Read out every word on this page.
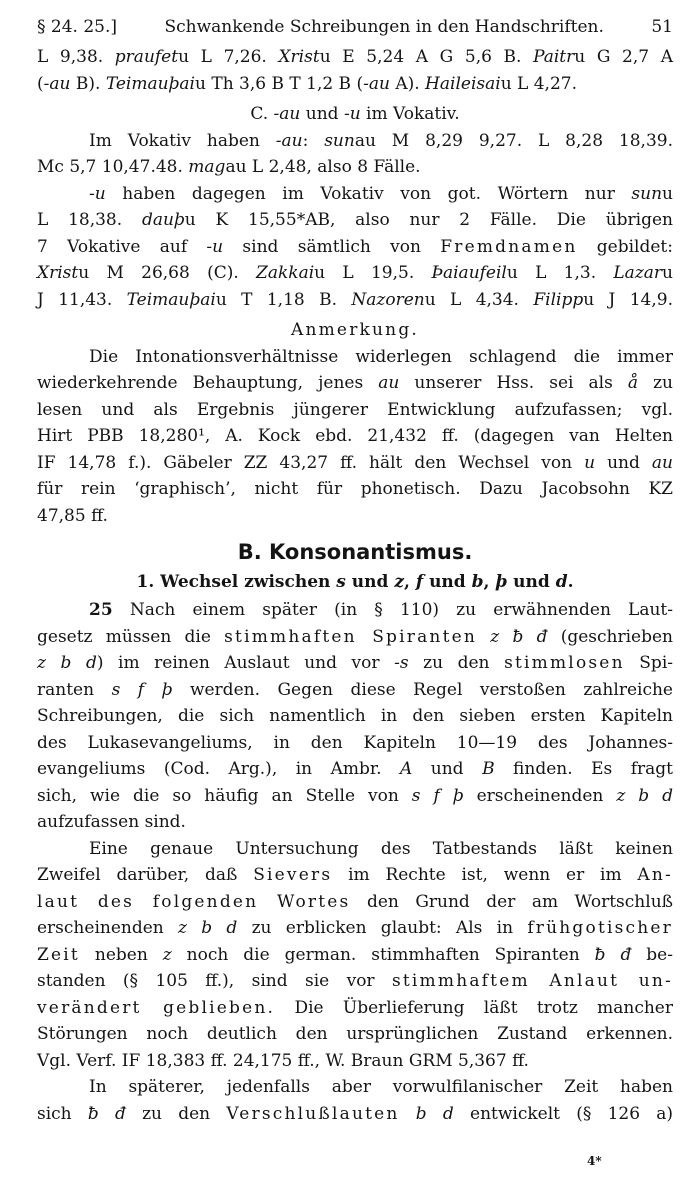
§ 24. 25.]	Schwankende Schreibungen in den Handschriften.	51
L 9,38. praufetu L 7,26. Xristu E 5,24 A G 5,6 B. Paitru G 2,7 A
(-au B). Teimauþaiu Th 3,6 B T 1,2 B (-au A). Haileisaiu L 4,27.
C. -au und -u im Vokativ.
Im Vokativ haben -au: sunau M 8,29 9,27. L 8,28 18,39.
Mc 5,7 10,47.48. magau L 2,48, also 8 Fälle.
-u haben dagegen im Vokativ von got. Wörtern nur sunu
L 18,38. dauþu K 15,55*AB, also nur 2 Fälle. Die übrigen
7 Vokative auf -u sind sämtlich von Fremdnamen gebildet:
Xristu M 26,68 (C). Zakkaiu L 19,5. Þaiaufeilu L 1,3. Lazaru
J 11,43. Teimauþaiu T 1,18 B. Nazorenu L 4,34. Filippu J 14,9.
Anmerkung.
Die Intonationsverhältnisse widerlegen schlagend die immer
wiederkehrende Behauptung, jenes au unserer Hss. sei als å zu
lesen und als Ergebnis jüngerer Entwicklung aufzufassen; vgl.
Hirt PBB 18,280¹, A. Kock ebd. 21,432 ff. (dagegen van Helten
IF 14,78 f.). Gäbeler ZZ 43,27 ff. hält den Wechsel von u und au
für rein ‘graphisch’, nicht für phonetisch. Dazu Jacobsohn KZ
47,85 ff.
B. Konsonantismus.
1. Wechsel zwischen s und z, f und b, þ und d.
25 Nach einem später (in § 110) zu erwähnenden Laut-
gesetz müssen die stimmhaften Spiranten z ƀ đ (geschrieben
z b d) im reinen Auslaut und vor -s zu den stimmlosen Spi-
ranten s f þ werden. Gegen diese Regel verstoßen zahlreiche
Schreibungen, die sich namentlich in den sieben ersten Kapiteln
des Lukasevangeliums, in den Kapiteln 10—19 des Johannes-
evangeliums (Cod. Arg.), in Ambr. A und B finden. Es fragt
sich, wie die so häufig an Stelle von s f þ erscheinenden z b d
aufzufassen sind.
Eine genaue Untersuchung des Tatbestands läßt keinen
Zweifel darüber, daß Sievers im Rechte ist, wenn er im An-
laut des folgenden Wortes den Grund der am Wortschluß
erscheinenden z b d zu erblicken glaubt: Als in frühgotischer
Zeit neben z noch die german. stimmhaften Spiranten ƀ đ be-
standen (§ 105 ff.), sind sie vor stimmhaftem Anlaut un-
verändert geblieben. Die Überlieferung läßt trotz mancher
Störungen noch deutlich den ursprünglichen Zustand erkennen.
Vgl. Verf. IF 18,383 ff. 24,175 ff., W. Braun GRM 5,367 ff.
In späterer, jedenfalls aber vorwulfilanischer Zeit haben
sich ƀ đ zu den Verschlußlauten b d entwickelt (§ 126 a)
4*
